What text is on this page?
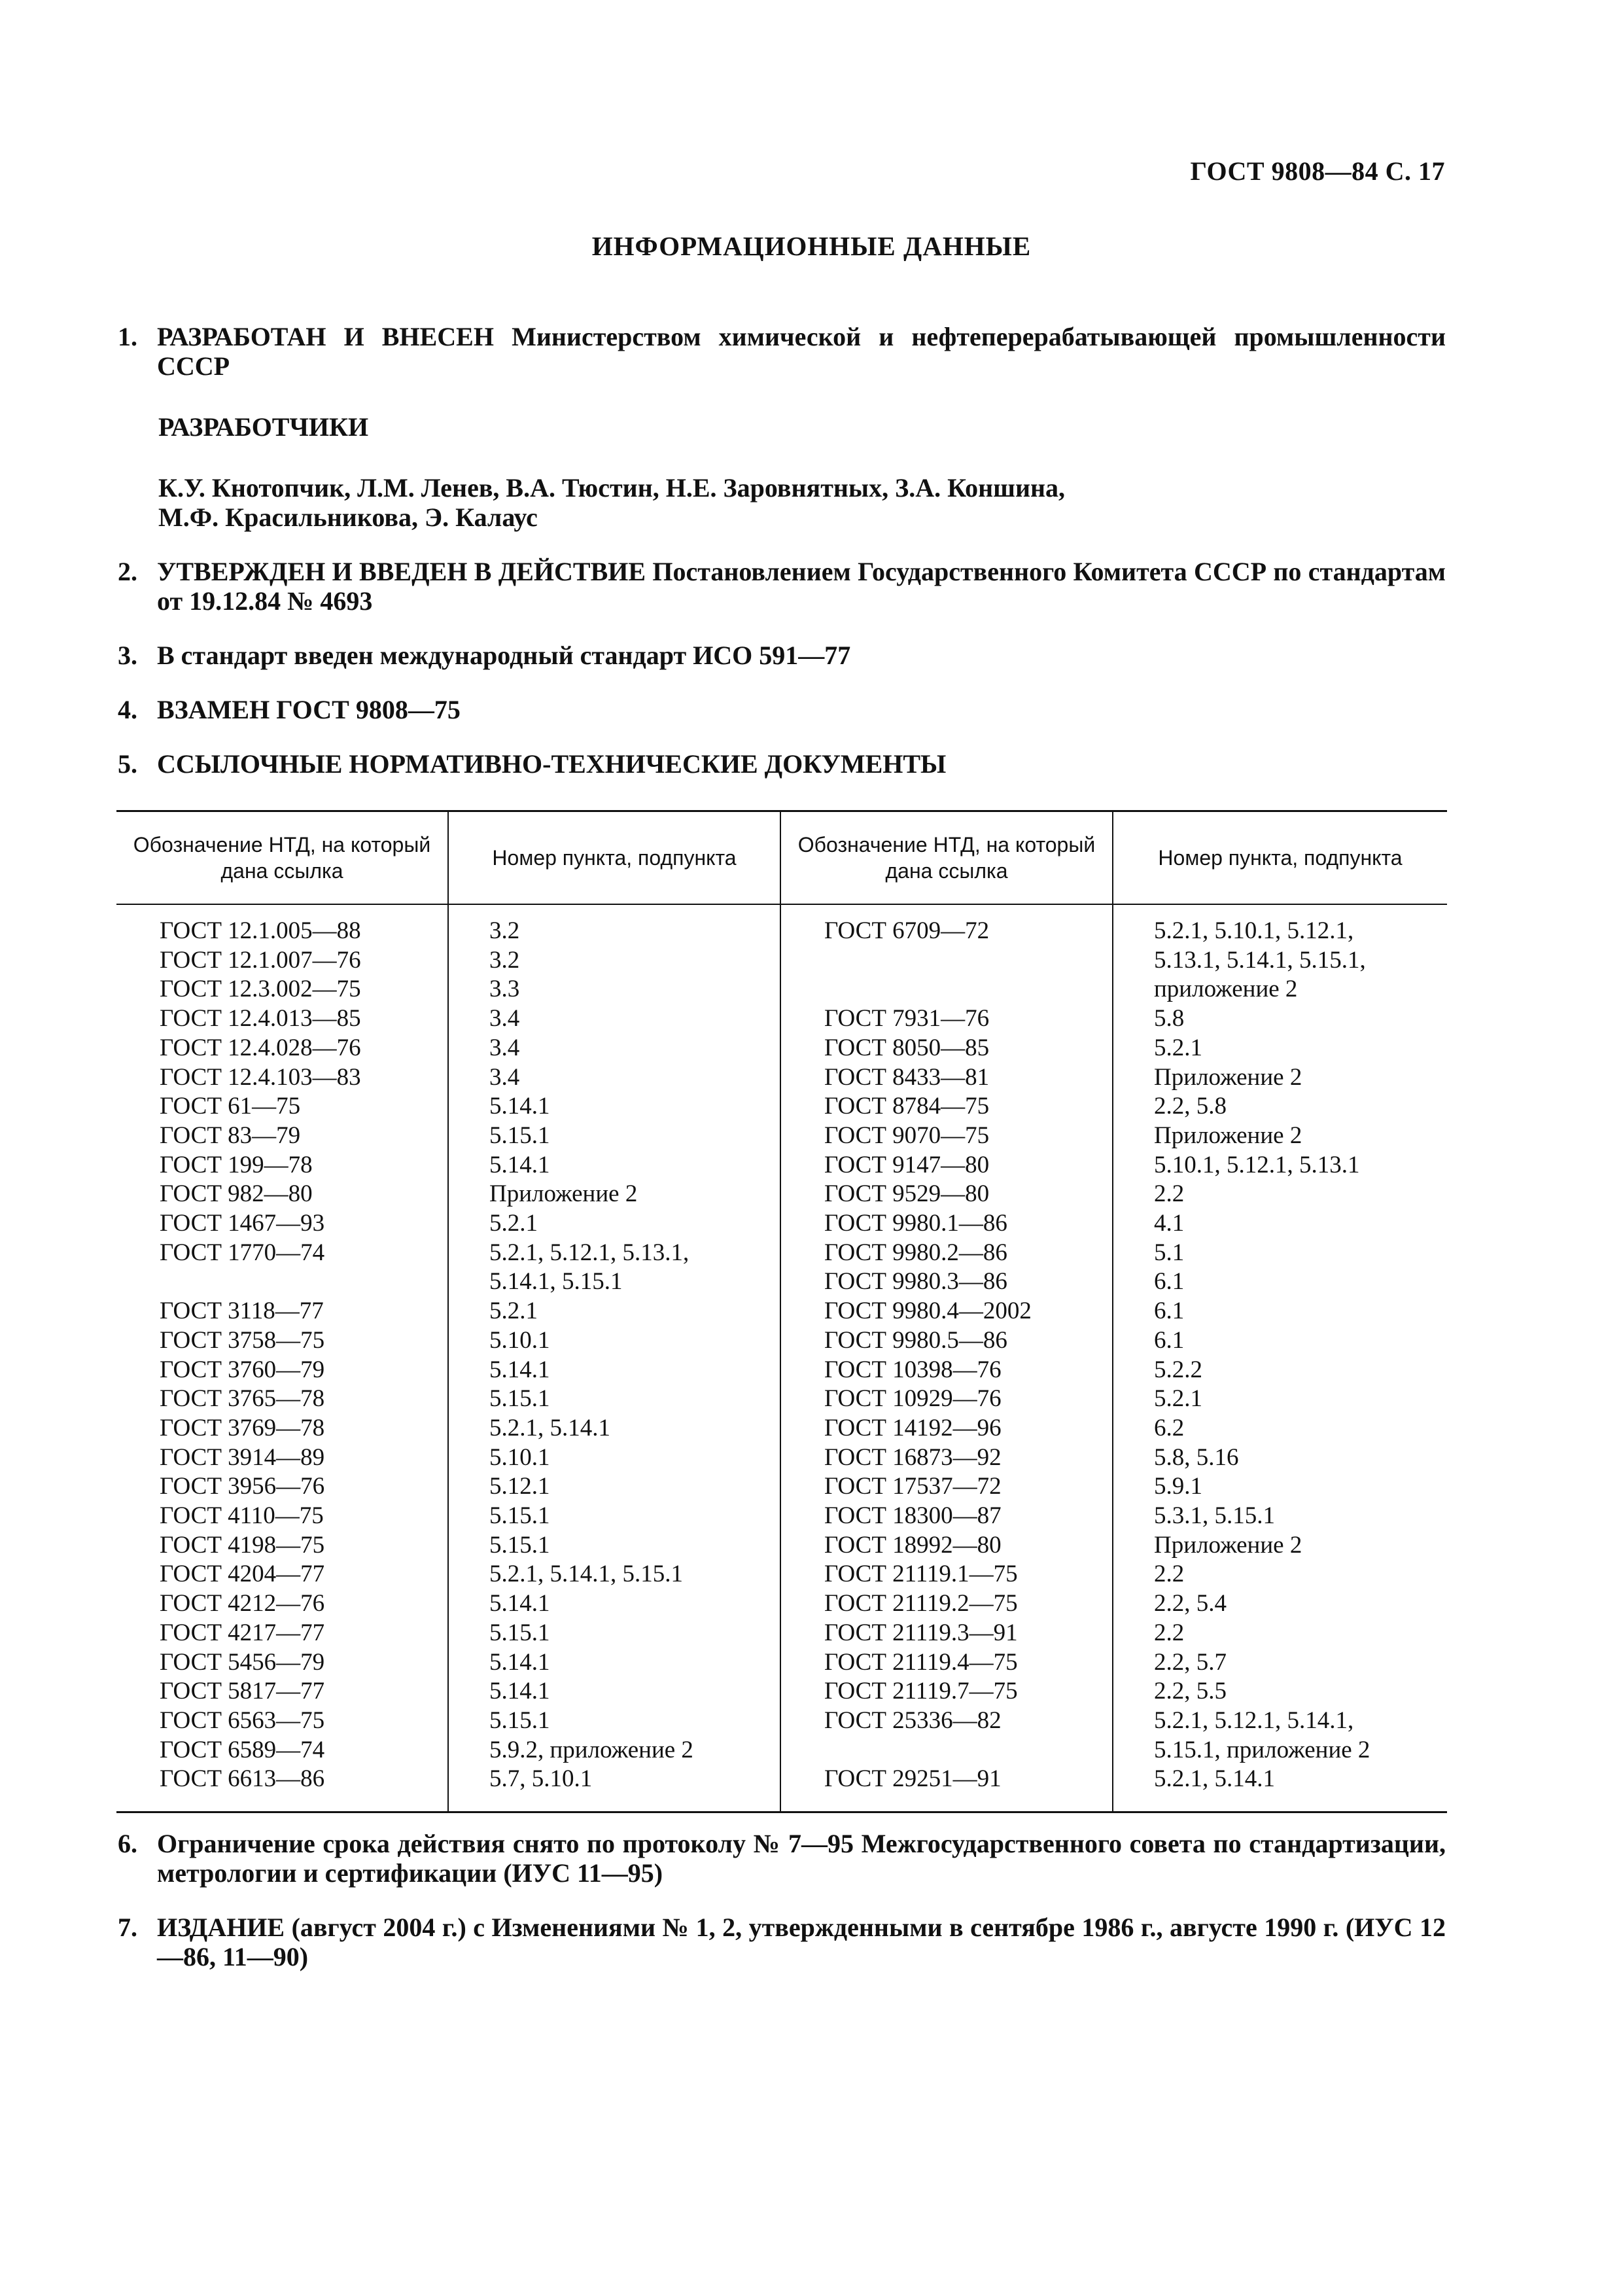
ГОСТ 9808—84 С. 17
ИНФОРМАЦИОННЫЕ ДАННЫЕ
1. РАЗРАБОТАН И ВНЕСЕН Министерством химической и нефтеперерабатывающей промышленности СССР
РАЗРАБОТЧИКИ
К.У. Кнотопчик, Л.М. Ленев, В.А. Тюстин, Н.Е. Заровнятных, З.А. Коншина,
М.Ф. Красильникова, Э. Калаус
2. УТВЕРЖДЕН И ВВЕДЕН В ДЕЙСТВИЕ Постановлением Государственного Комитета СССР по стандартам от 19.12.84 № 4693
3. В стандарт введен международный стандарт ИСО 591—77
4. ВЗАМЕН ГОСТ 9808—75
5. ССЫЛОЧНЫЕ НОРМАТИВНО-ТЕХНИЧЕСКИЕ ДОКУМЕНТЫ
Обозначение НТД, на который дана ссылка
Номер пункта, подпункта
Обозначение НТД, на который дана ссылка
Номер пункта, подпункта
ГОСТ 12.1.005—88
ГОСТ 12.1.007—76
ГОСТ 12.3.002—75
ГОСТ 12.4.013—85
ГОСТ 12.4.028—76
ГОСТ 12.4.103—83
ГОСТ 61—75
ГОСТ 83—79
ГОСТ 199—78
ГОСТ 982—80
ГОСТ 1467—93
ГОСТ 1770—74

ГОСТ 3118—77
ГОСТ 3758—75
ГОСТ 3760—79
ГОСТ 3765—78
ГОСТ 3769—78
ГОСТ 3914—89
ГОСТ 3956—76
ГОСТ 4110—75
ГОСТ 4198—75
ГОСТ 4204—77
ГОСТ 4212—76
ГОСТ 4217—77
ГОСТ 5456—79
ГОСТ 5817—77
ГОСТ 6563—75
ГОСТ 6589—74
ГОСТ 6613—86
3.2
3.2
3.3
3.4
3.4
3.4
5.14.1
5.15.1
5.14.1
Приложение 2
5.2.1
5.2.1, 5.12.1, 5.13.1,
5.14.1, 5.15.1
5.2.1
5.10.1
5.14.1
5.15.1
5.2.1, 5.14.1
5.10.1
5.12.1
5.15.1
5.15.1
5.2.1, 5.14.1, 5.15.1
5.14.1
5.15.1
5.14.1
5.14.1
5.15.1
5.9.2, приложение 2
5.7, 5.10.1
ГОСТ 6709—72

ГОСТ 7931—76
ГОСТ 8050—85
ГОСТ 8433—81
ГОСТ 8784—75
ГОСТ 9070—75
ГОСТ 9147—80
ГОСТ 9529—80
ГОСТ 9980.1—86
ГОСТ 9980.2—86
ГОСТ 9980.3—86
ГОСТ 9980.4—2002
ГОСТ 9980.5—86
ГОСТ 10398—76
ГОСТ 10929—76
ГОСТ 14192—96
ГОСТ 16873—92
ГОСТ 17537—72
ГОСТ 18300—87
ГОСТ 18992—80
ГОСТ 21119.1—75
ГОСТ 21119.2—75
ГОСТ 21119.3—91
ГОСТ 21119.4—75
ГОСТ 21119.7—75
ГОСТ 25336—82

ГОСТ 29251—91
5.2.1, 5.10.1, 5.12.1,
5.13.1, 5.14.1, 5.15.1,
приложение 2
5.8
5.2.1
Приложение 2
2.2, 5.8
Приложение 2
5.10.1, 5.12.1, 5.13.1
2.2
4.1
5.1
6.1
6.1
6.1
5.2.2
5.2.1
6.2
5.8, 5.16
5.9.1
5.3.1, 5.15.1
Приложение 2
2.2
2.2, 5.4
2.2
2.2, 5.7
2.2, 5.5
5.2.1, 5.12.1, 5.14.1,
5.15.1, приложение 2
5.2.1, 5.14.1
6. Ограничение срока действия снято по протоколу № 7—95 Межгосударственного совета по стандартизации, метрологии и сертификации (ИУС 11—95)
7. ИЗДАНИЕ (август 2004 г.) с Изменениями № 1, 2, утвержденными в сентябре 1986 г., августе 1990 г. (ИУС 12—86, 11—90)
